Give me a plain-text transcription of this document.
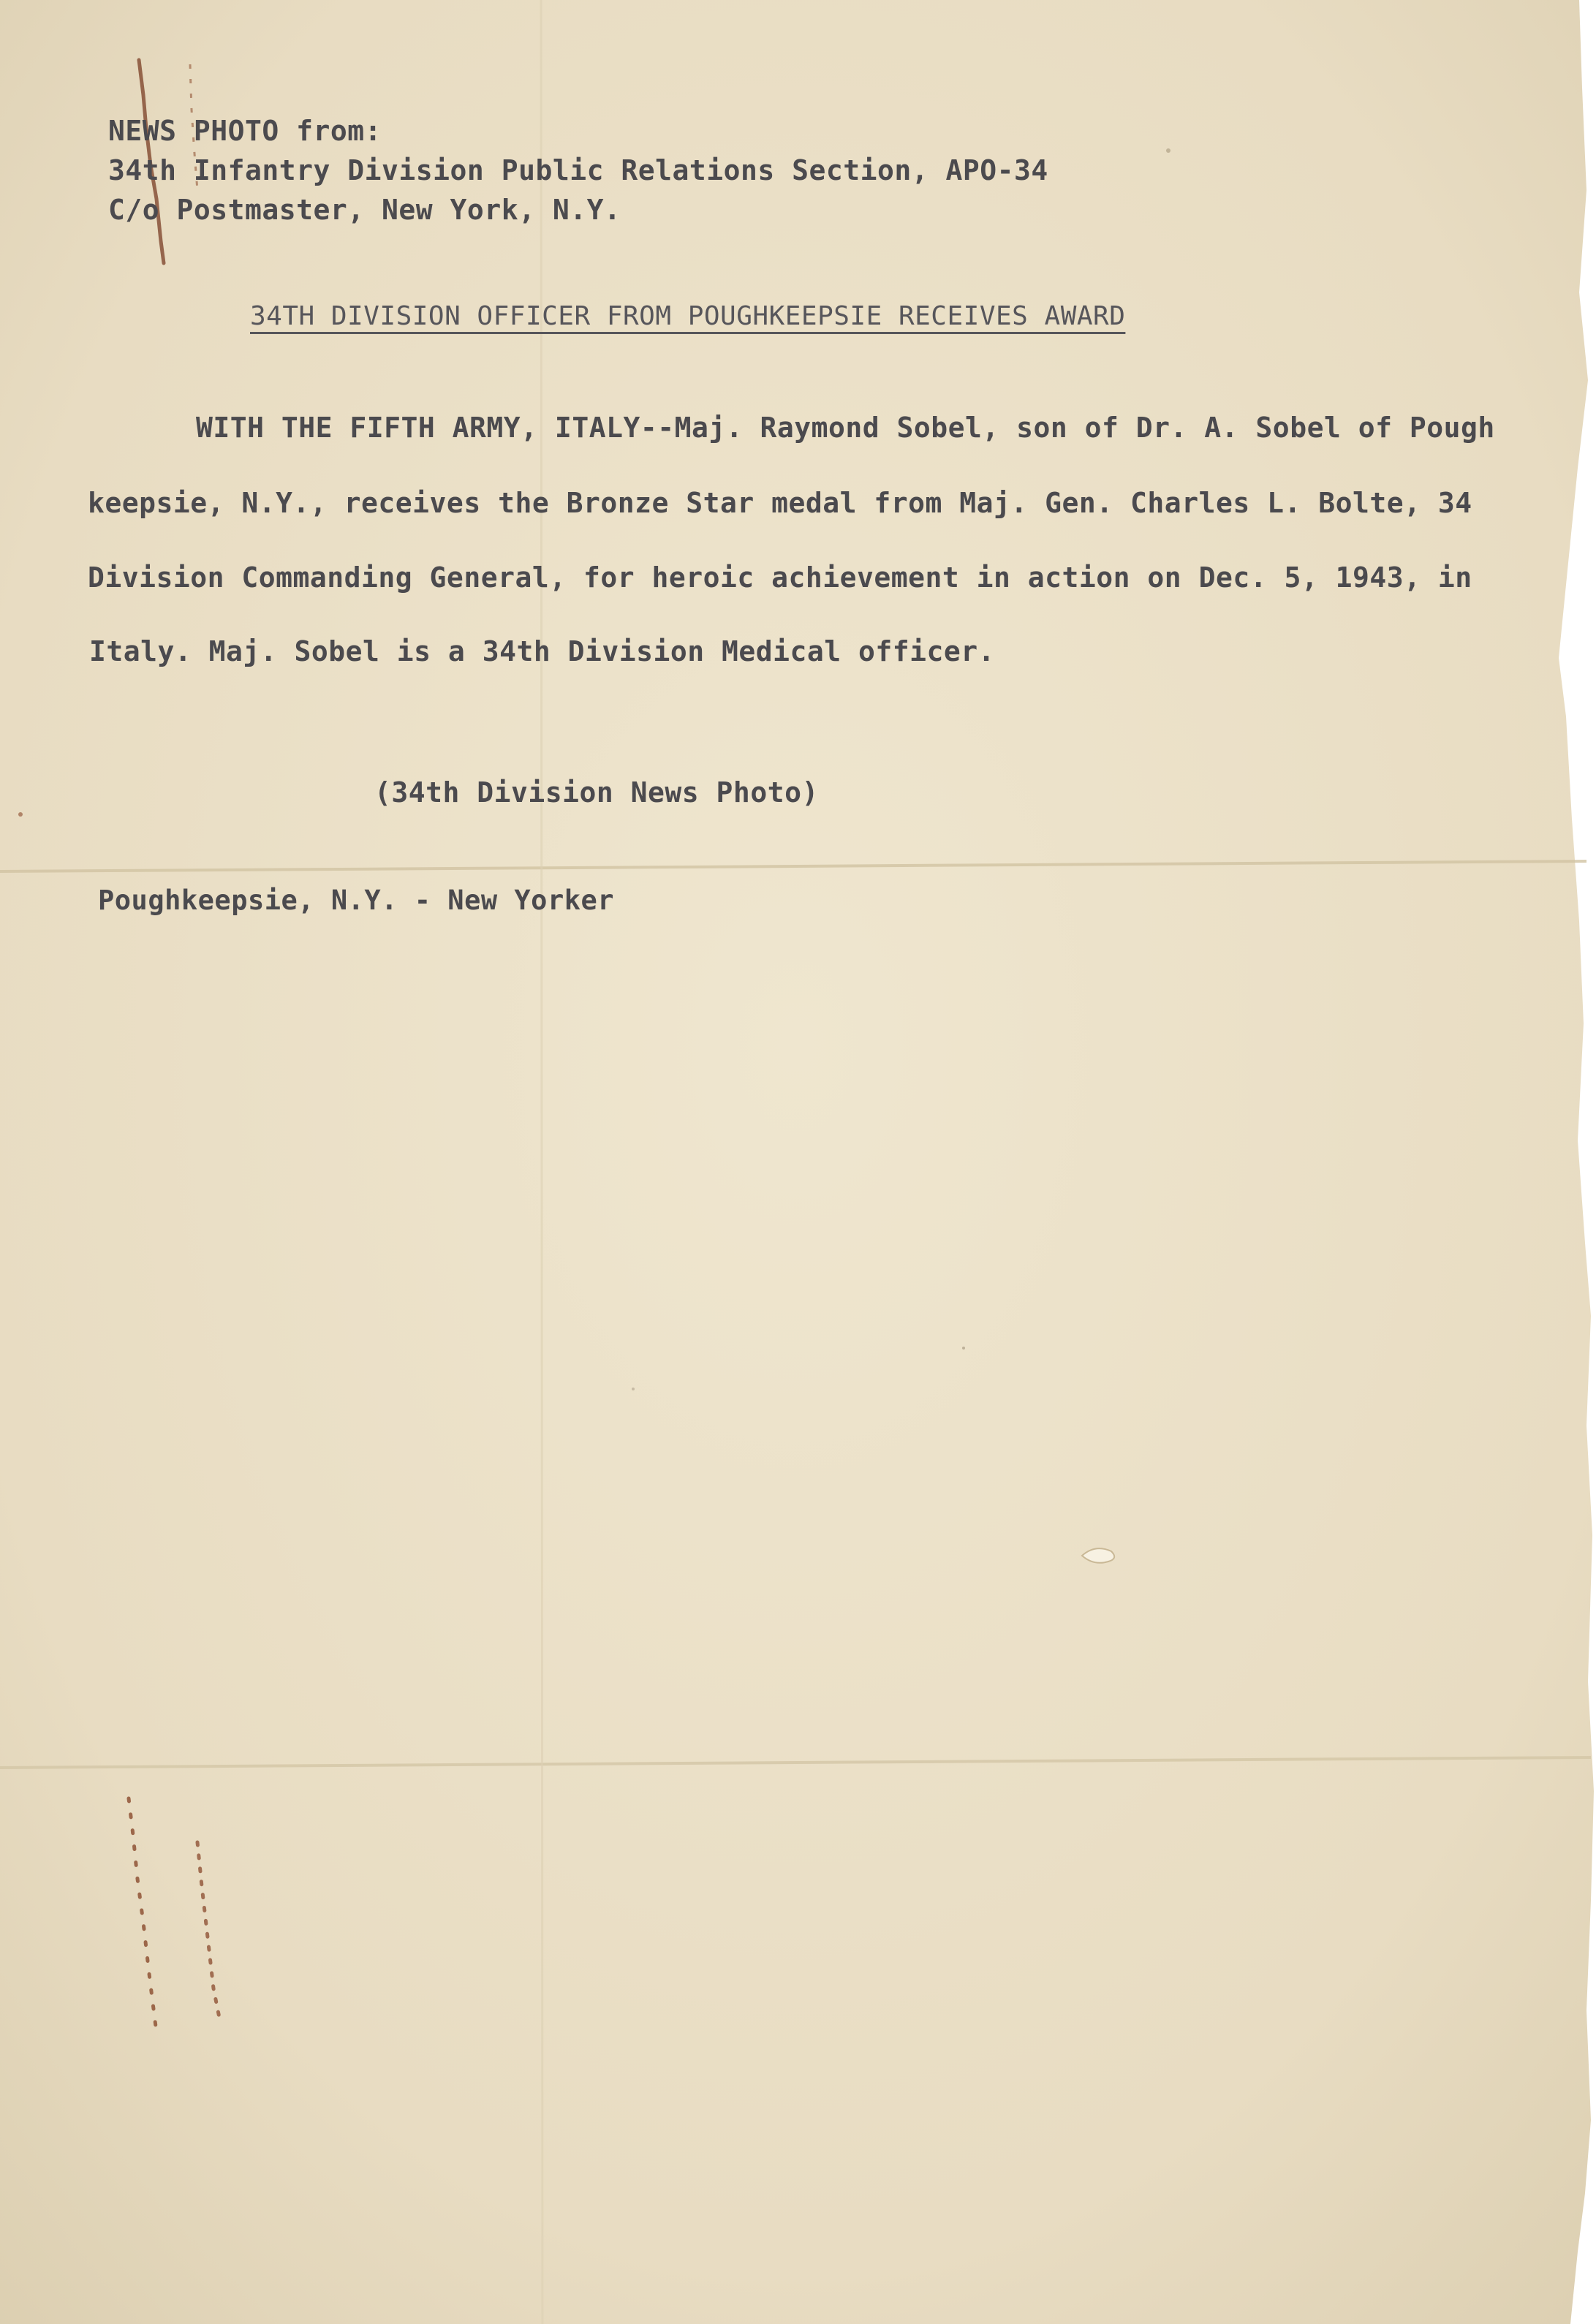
NEWS PHOTO from:
34th Infantry Division Public Relations Section, APO-34
C/o Postmaster, New York, N.Y.
34TH DIVISION OFFICER FROM POUGHKEEPSIE RECEIVES AWARD
WITH THE FIFTH ARMY, ITALY--Maj. Raymond Sobel, son of Dr. A. Sobel of Pough
keepsie, N.Y., receives the Bronze Star medal from Maj. Gen. Charles L. Bolte, 34
Division Commanding General, for heroic achievement in action on Dec. 5, 1943, in
Italy. Maj. Sobel is a 34th Division Medical officer.
(34th Division News Photo)
Poughkeepsie, N.Y. - New Yorker
